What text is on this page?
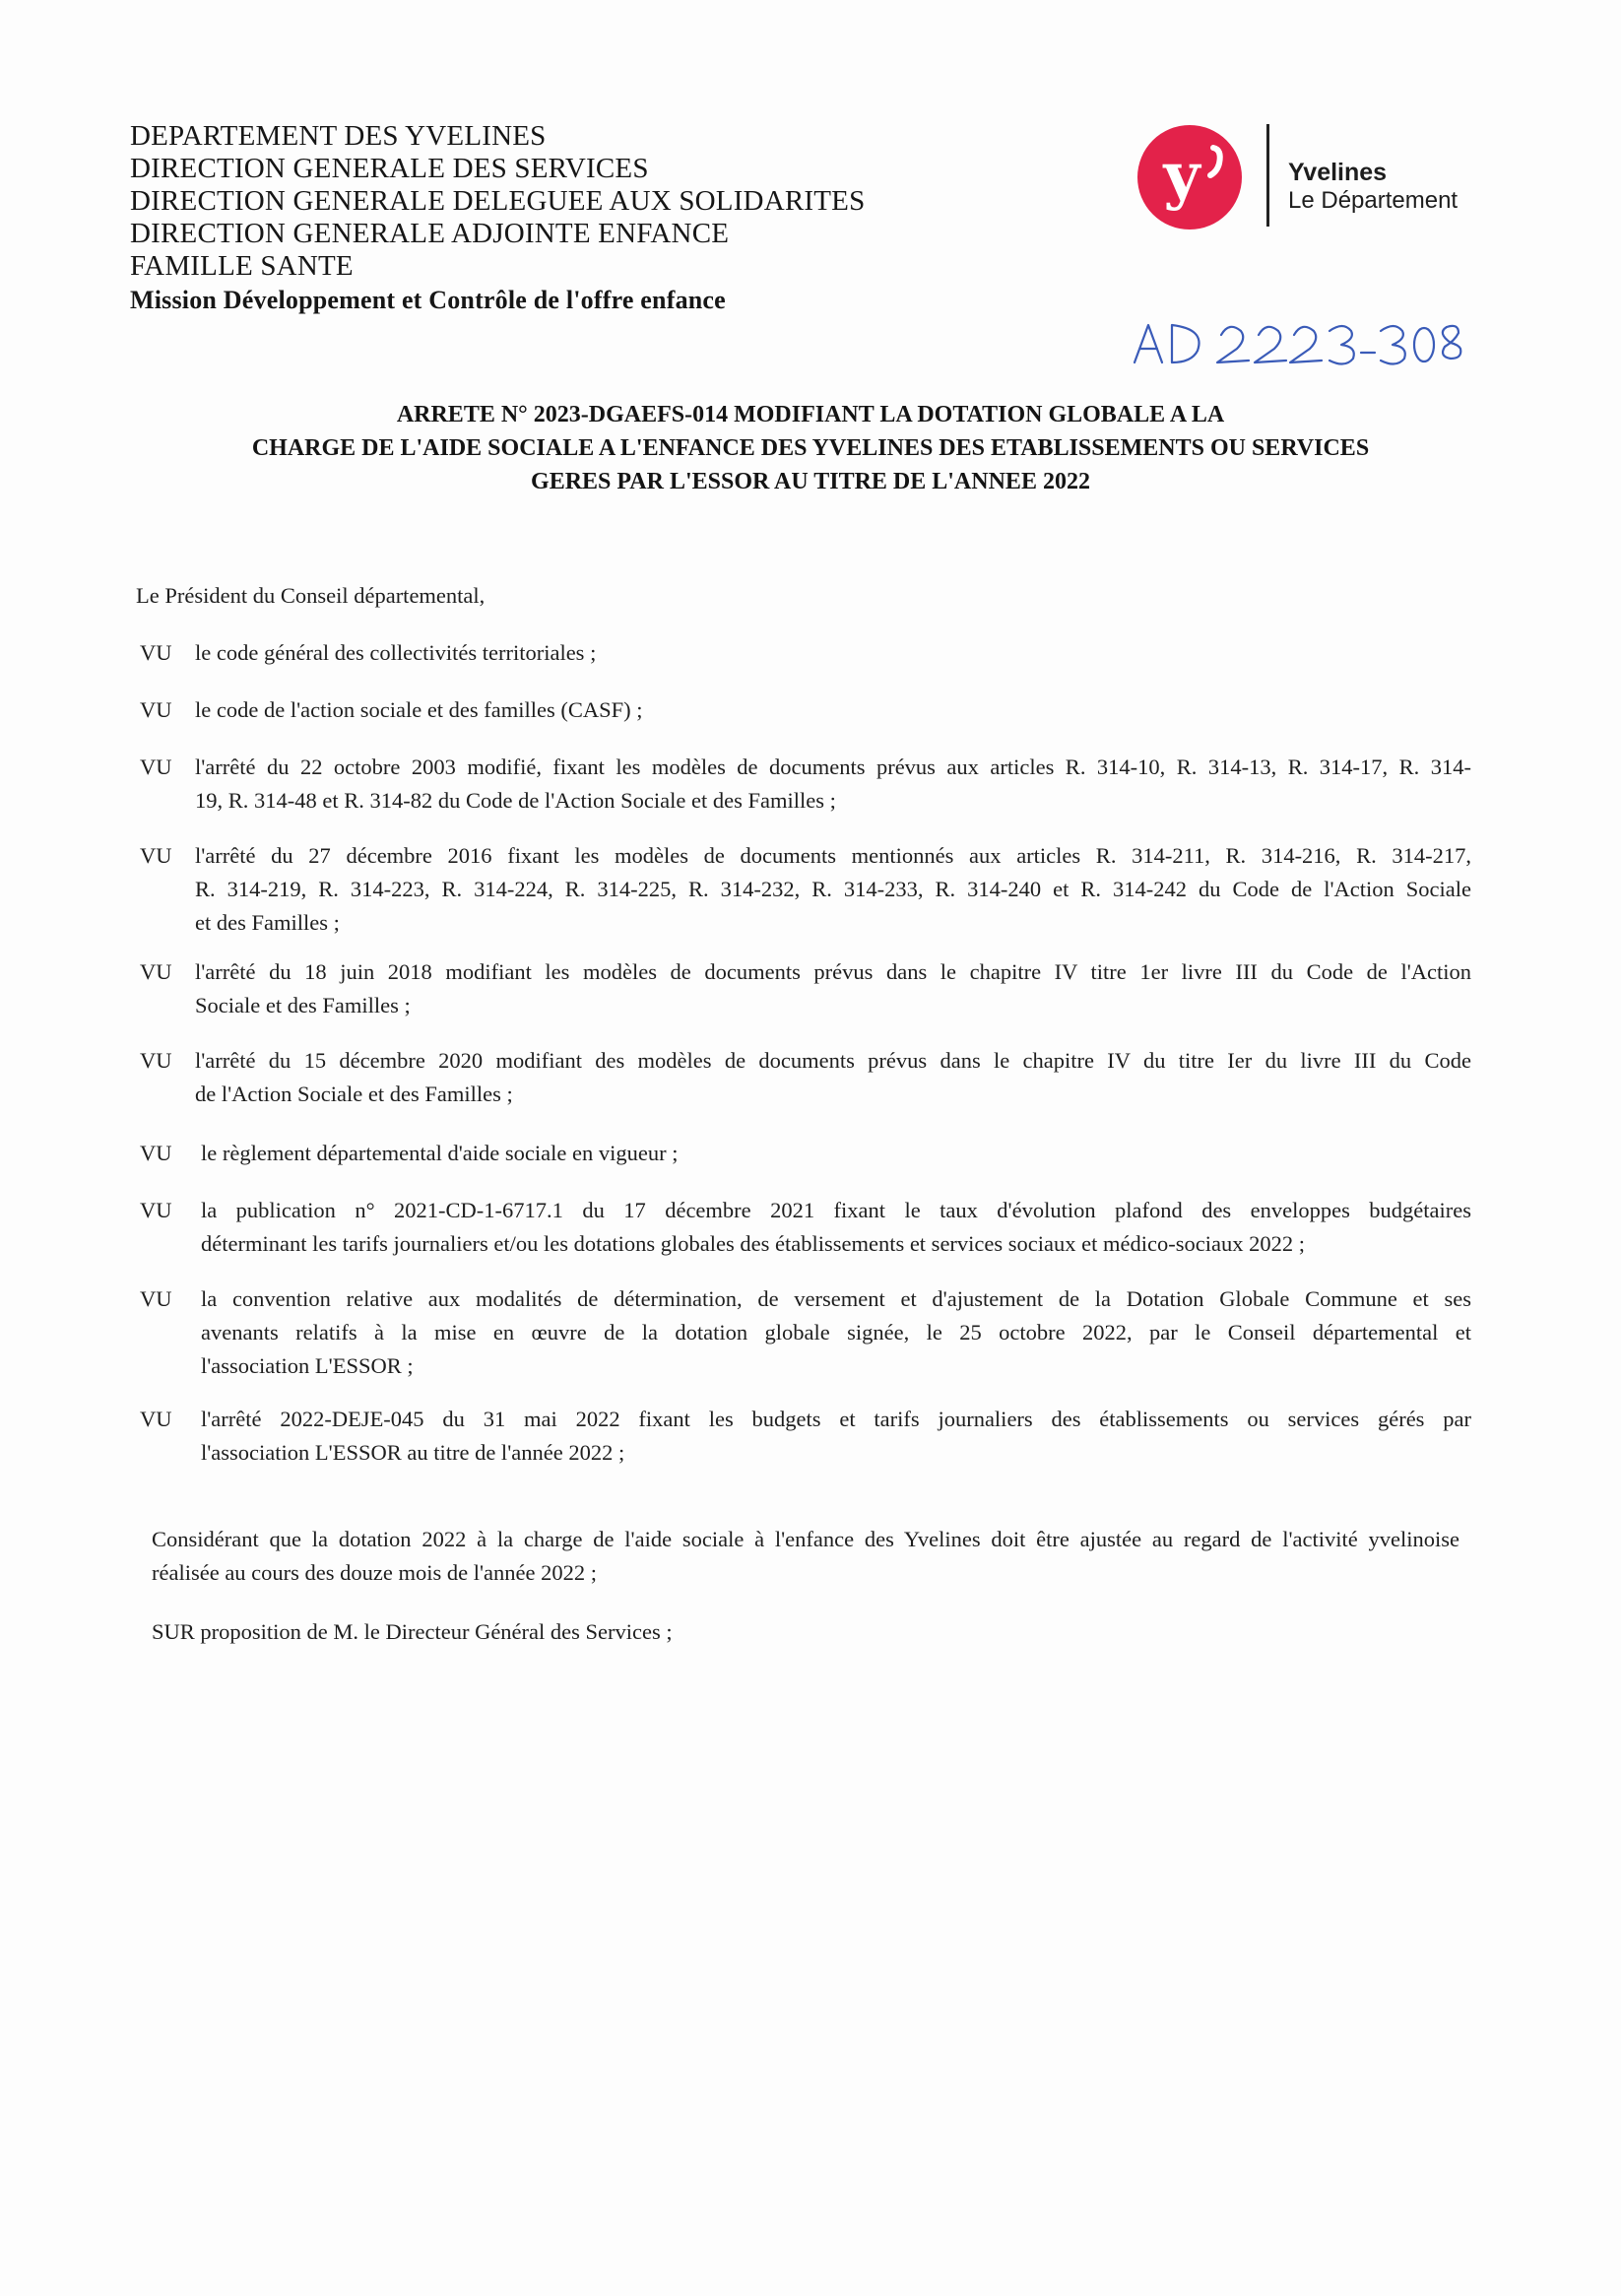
DEPARTEMENT DES YVELINES
DIRECTION GENERALE DES SERVICES
DIRECTION GENERALE DELEGUEE AUX SOLIDARITES
DIRECTION GENERALE ADJOINTE ENFANCE
FAMILLE SANTE
Mission Développement et Contrôle de l'offre enfance
y	Yvelines
Le Département
ARRETE N° 2023-DGAEFS-014 MODIFIANT LA DOTATION GLOBALE A LA
CHARGE DE L'AIDE SOCIALE A L'ENFANCE DES YVELINES DES ETABLISSEMENTS OU SERVICES
GERES PAR L'ESSOR AU TITRE DE L'ANNEE 2022
Le Président du Conseil départemental,
VU	le code général des collectivités territoriales ;
VU	le code de l'action sociale et des familles (CASF) ;
VU	l'arrêté du 22 octobre 2003 modifié, fixant les modèles de documents prévus aux articles R. 314-10, R. 314-13, R. 314-17, R. 314-
19, R. 314-48 et R. 314-82 du Code de l'Action Sociale et des Familles ;
VU	l'arrêté du 27 décembre 2016 fixant les modèles de documents mentionnés aux articles R. 314-211, R. 314-216, R. 314-217,
R. 314-219, R. 314-223, R. 314-224, R. 314-225, R. 314-232, R. 314-233, R. 314-240 et R. 314-242 du Code de l'Action Sociale
et des Familles ;
VU	l'arrêté du 18 juin 2018 modifiant les modèles de documents prévus dans le chapitre IV titre 1er livre III du Code de l'Action
Sociale et des Familles ;
VU	l'arrêté du 15 décembre 2020 modifiant des modèles de documents prévus dans le chapitre IV du titre Ier du livre III du Code
de l'Action Sociale et des Familles ;
VU	le règlement départemental d'aide sociale en vigueur ;
VU	la publication n° 2021-CD-1-6717.1 du 17 décembre 2021 fixant le taux d'évolution plafond des enveloppes budgétaires
déterminant les tarifs journaliers et/ou les dotations globales des établissements et services sociaux et médico-sociaux 2022 ;
VU	la convention relative aux modalités de détermination, de versement et d'ajustement de la Dotation Globale Commune et ses
avenants relatifs à la mise en œuvre de la dotation globale signée, le 25 octobre 2022, par le Conseil départemental et
l'association L'ESSOR ;
VU	l'arrêté 2022-DEJE-045 du 31 mai 2022 fixant les budgets et tarifs journaliers des établissements ou services gérés par
l'association L'ESSOR au titre de l'année 2022 ;
Considérant que la dotation 2022 à la charge de l'aide sociale à l'enfance des Yvelines doit être ajustée au regard de l'activité yvelinoise
réalisée au cours des douze mois de l'année 2022 ;
SUR proposition de M. le Directeur Général des Services ;
